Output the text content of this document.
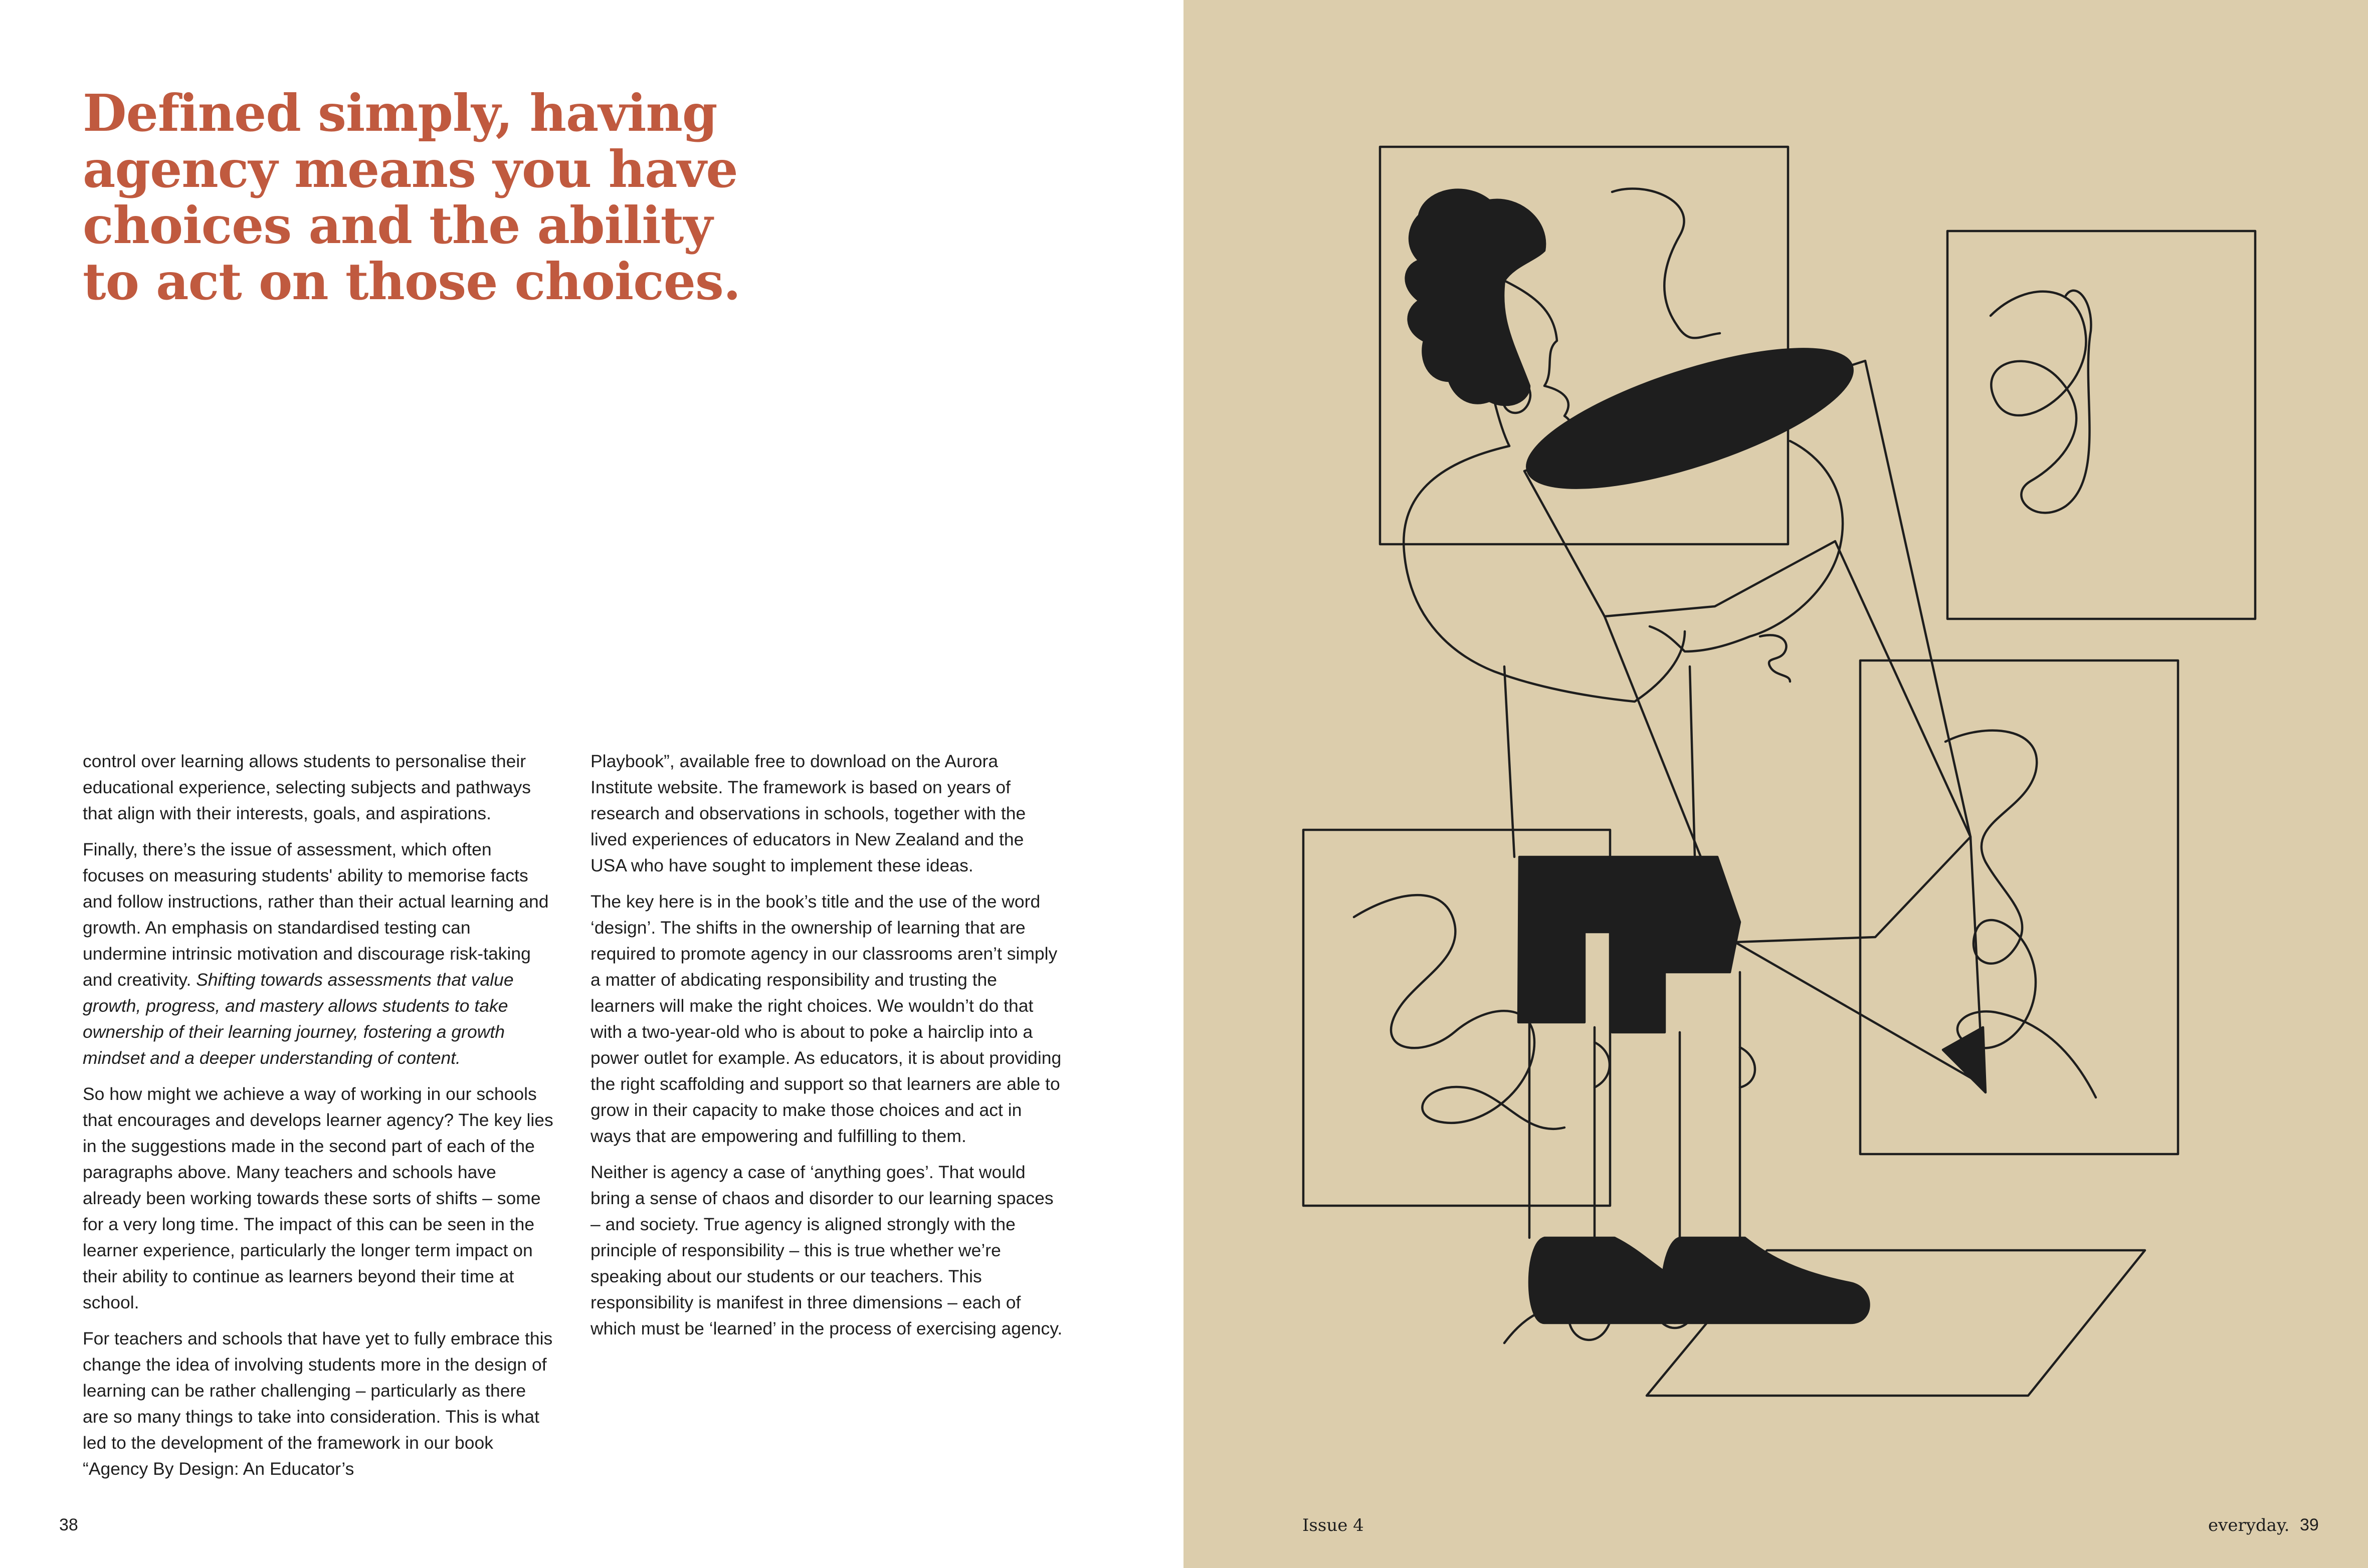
Defined simply, having agency means you have choices and the ability to act on those choices.

control over learning allows students to personalise their educational experience, selecting subjects and pathways that align with their interests, goals, and aspirations.

Finally, there’s the issue of assessment, which often focuses on measuring students' ability to memorise facts and follow instructions, rather than their actual learning and growth. An emphasis on standardised testing can undermine intrinsic motivation and discourage risk-taking and creativity. Shifting towards assessments that value growth, progress, and mastery allows students to take ownership of their learning journey, fostering a growth mindset and a deeper understanding of content.

So how might we achieve a way of working in our schools that encourages and develops learner agency? The key lies in the suggestions made in the second part of each of the paragraphs above. Many teachers and schools have already been working towards these sorts of shifts – some for a very long time. The impact of this can be seen in the learner experience, particularly the longer term impact on their ability to continue as learners beyond their time at school.

For teachers and schools that have yet to fully embrace this change the idea of involving students more in the design of learning can be rather challenging – particularly as there are so many things to take into consideration. This is what led to the development of the framework in our book “Agency By Design: An Educator’s

Playbook”, available free to download on the Aurora Institute website. The framework is based on years of research and observations in schools, together with the lived experiences of educators in New Zealand and the USA who have sought to implement these ideas.

The key here is in the book’s title and the use of the word ‘design’. The shifts in the ownership of learning that are required to promote agency in our classrooms aren’t simply a matter of abdicating responsibility and trusting the learners will make the right choices. We wouldn’t do that with a two-year-old who is about to poke a hairclip into a power outlet for example. As educators, it is about providing the right scaffolding and support so that learners are able to grow in their capacity to make those choices and act in ways that are empowering and fulfilling to them.

Neither is agency a case of ‘anything goes’. That would bring a sense of chaos and disorder to our learning spaces – and society. True agency is aligned strongly with the principle of responsibility – this is true whether we’re speaking about our students or our teachers. This responsibility is manifest in three dimensions – each of which must be ‘learned’ in the process of exercising agency.

38	Issue 4	everyday. 39
